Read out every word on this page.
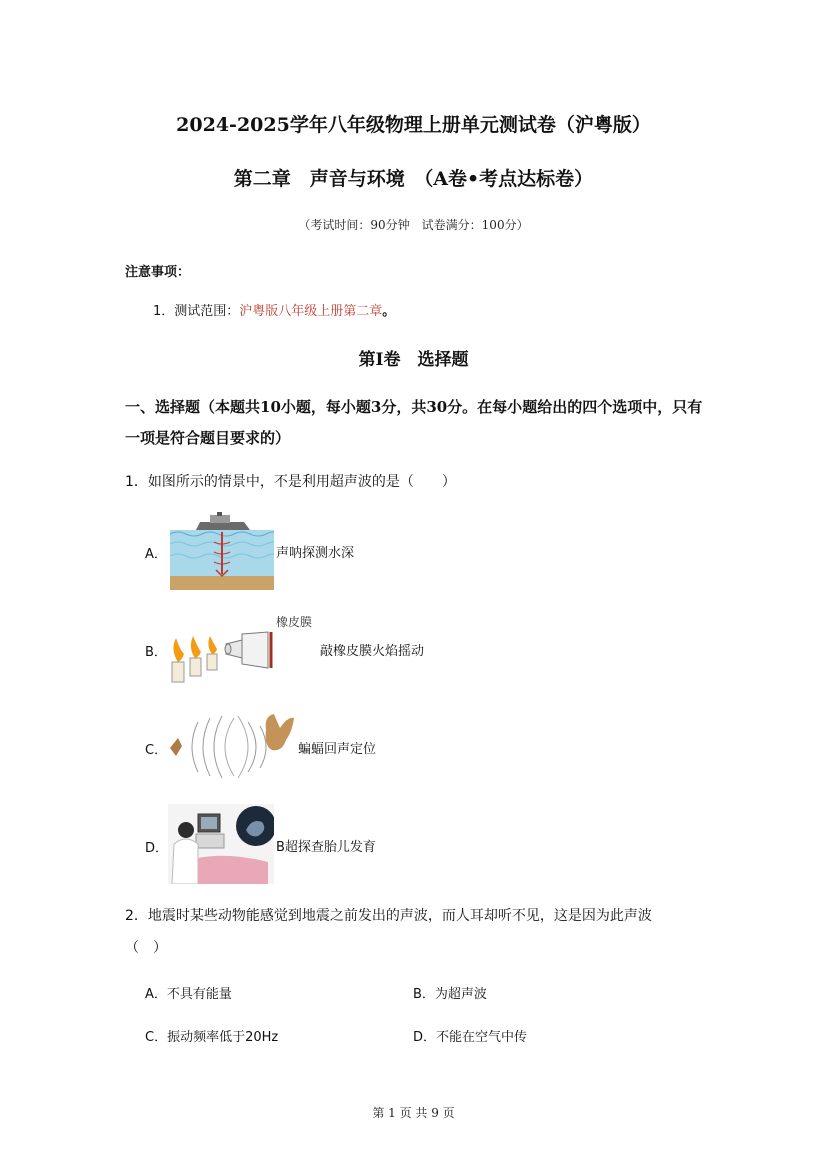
2024-2025学年八年级物理上册单元测试卷（沪粤版）
第二章　声音与环境　（A卷•考点达标卷）
（考试时间：90分钟　试卷满分：100分）
注意事项：
1．测试范围：沪粤版八年级上册第二章。
第Ⅰ卷　选择题
一、选择题（本题共10小题，每小题3分，共30分。在每小题给出的四个选项中，只有
一项是符合题目要求的）
1．如图所示的情景中，不是利用超声波的是（　　）
A．	声呐探测水深
B．
橡皮膜
敲橡皮膜火焰摇动
C．	蝙蝠回声定位
D．	B超探查胎儿发育
2．地震时某些动物能感觉到地震之前发出的声波，而人耳却听不见，这是因为此声波
（　）
A．不具有能量	B．为超声波
C．振动频率低于20Hz	D．不能在空气中传
第 1 页 共 9 页
